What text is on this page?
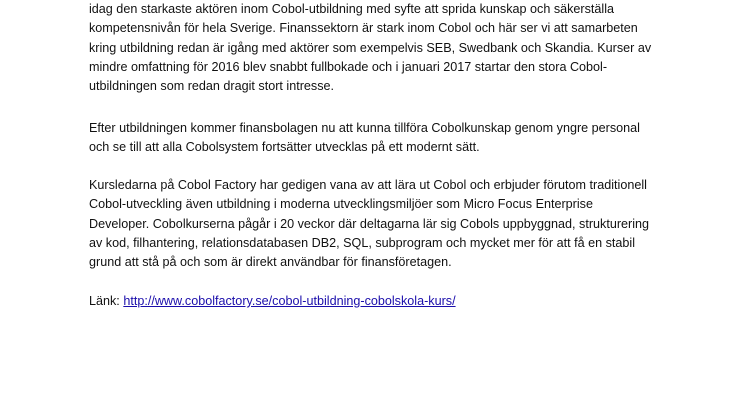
idag den starkaste aktören inom Cobol-utbildning med syfte att sprida kunskap och säkerställa
kompetensnivån för hela Sverige. Finanssektorn är stark inom Cobol och här ser vi att samarbeten
kring utbildning redan är igång med aktörer som exempelvis SEB, Swedbank och Skandia. Kurser av
mindre omfattning för 2016 blev snabbt fullbokade och i januari 2017 startar den stora Cobol-
utbildningen som redan dragit stort intresse.
Efter utbildningen kommer finansbolagen nu att kunna tillföra Cobolkunskap genom yngre personal
och se till att alla Cobolsystem fortsätter utvecklas på ett modernt sätt.
Kursledarna på Cobol Factory har gedigen vana av att lära ut Cobol och erbjuder förutom traditionell
Cobol-utveckling även utbildning i moderna utvecklingsmiljöer som Micro Focus Enterprise
Developer. Cobolkurserna pågår i 20 veckor där deltagarna lär sig Cobols uppbyggnad, strukturering
av kod, filhantering, relationsdatabasen DB2, SQL, subprogram och mycket mer för att få en stabil
grund att stå på och som är direkt användbar för finansföretagen.
Länk: http://www.cobolfactory.se/cobol-utbildning-cobolskola-kurs/
